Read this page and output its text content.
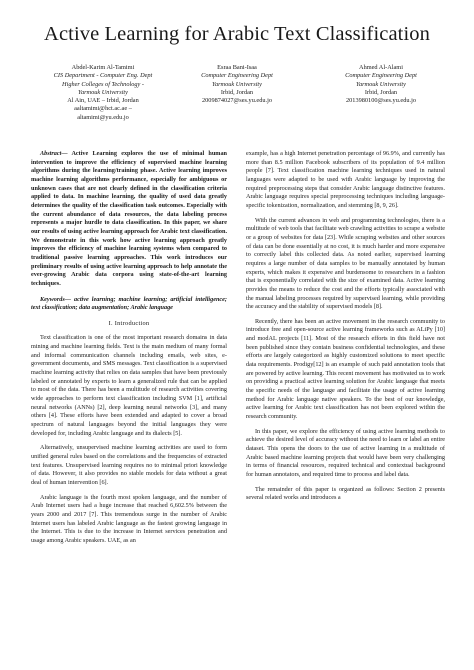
Active Learning for Arabic Text Classification
Abdel-Karim Al-Tamimi
CIS Department - Computer Eng. Dept
Higher Colleges of Technology -
Yarmouk University
Al Ain, UAE – Irbid, Jordan
aaltamimi@hct.ac.ae –
altamimi@yu.edu.jo
Esraa Bani-Isaa
Computer Engineering Dept
Yarmouk University
Irbid, Jordan
2009874027@ses.yu.edu.jo
Ahmed Al-Alami
Computer Engineering Dept
Yarmouk University
Irbid, Jordan
2013980100@ses.yu.edu.jo

Abstract— Active Learning explores the use of minimal human intervention to improve the efficiency of supervised machine learning algorithms during the learning/training phase. Active learning improves machine learning algorithms performance, especially for ambiguous or unknown cases that are not clearly defined in the classification criteria applied to data. In machine learning, the quality of used data greatly determines the quality of the classification task outcomes. Especially with the current abundance of data resources, the data labeling process represents a major hurdle to data classification. In this paper, we share our results of using active learning approach for Arabic text classification. We demonstrate in this work how active learning approach greatly improves the efficiency of machine learning systems when compared to traditional passive learning approaches. This work introduces our preliminary results of using active learning approach to help annotate the ever-growing Arabic data corpora using state-of-the-art learning techniques.

Keywords— active learning; machine learning; artificial intelligence; text classification; data augmentation; Arabic language

I. Introduction

Text classification is one of the most important research domains in data mining and machine learning fields. Text is the main medium of many formal and informal communication channels including emails, web sites, e-government documents, and SMS messages. Text classification is a supervised machine learning activity that relies on data samples that have been previously labeled or annotated by experts to learn a generalized rule that can be applied to most of the data. There has been a multitude of research activities covering wide approaches to perform text classification including SVM [1], artificial neural networks (ANNs) [2], deep learning neural networks [3], and many others [4]. These efforts have been extended and adapted to cover a broad spectrum of natural languages beyond the initial languages they were developed for, including Arabic language and its dialects [5].

Alternatively, unsupervised machine learning activities are used to form unified general rules based on the correlations and the frequencies of extracted text features. Unsupervised learning requires no to minimal priori knowledge of data. However, it also provides no stable models for data without a great deal of human intervention [6].

Arabic language is the fourth most spoken language, and the number of Arab Internet users had a huge increase that reached 6,602.5% between the years 2000 and 2017 [7]. This tremendous surge in the number of Arabic Internet users has labeled Arabic language as the fastest growing language in the Internet. This is due to the increase in Internet services penetration and usage among Arabic speakers. UAE, as an

example, has a high Internet penetration percentage of 96.9%, and currently has more than 8.5 million Facebook subscribers of its population of 9.4 million people [7]. Text classification machine learning techniques used in natural languages were adapted to be used with Arabic language by improving the required preprocessing steps that consider Arabic language distinctive features. Arabic language requires special preprocessing techniques including language-specific tokenization, normalization, and stemming [8, 9, 26].

With the current advances in web and programming technologies, there is a multitude of web tools that facilitate web crawling activities to scrape a website or a group of websites for data [23]. While scraping websites and other sources of data can be done essentially at no cost, it is much harder and more expensive to correctly label this collected data. As noted earlier, supervised learning requires a large number of data samples to be manually annotated by human experts, which makes it expensive and burdensome to researchers in a fashion that is exponentially correlated with the size of examined data. Active learning provides the means to reduce the cost and the efforts typically associated with the manual labeling processes required by supervised learning, while providing the accuracy and the stability of supervised models [8].

Recently, there has been an active movement in the research community to introduce free and open-source active learning frameworks such as ALiPy [10] and modAL projects [11]. Most of the research efforts in this field have not been published since they contain business confidential technologies, and these efforts are largely categorized as highly customized solutions to meet specific data requirements. Prodigy[12] is an example of such paid annotation tools that are powered by active learning. This recent movement has motivated us to work on providing a practical active learning solution for Arabic language that meets the specific needs of the language and facilitate the usage of active learning method for Arabic language native speakers. To the best of our knowledge, active learning for Arabic text classification has not been explored within the research community.

In this paper, we explore the efficiency of using active learning methods to achieve the desired level of accuracy without the need to learn or label an entire dataset. This opens the doors to the use of active learning in a multitude of Arabic based machine learning projects that would have been very challenging in terms of financial resources, required technical and contextual background for human annotators, and required time to process and label data.

The remainder of this paper is organized as follows: Section 2 presents several related works and introduces a
